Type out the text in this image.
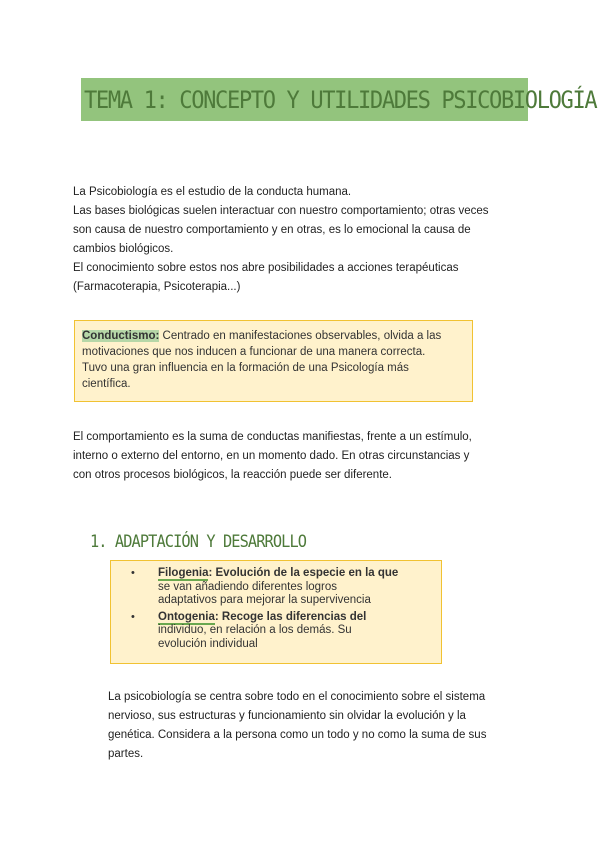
TEMA 1: CONCEPTO Y UTILIDADES PSICOBIOLOGÍA
La Psicobiología es el estudio de la conducta humana.
Las bases biológicas suelen interactuar con nuestro comportamiento; otras veces
son causa de nuestro comportamiento y en otras, es lo emocional la causa de
cambios biológicos.
El conocimiento sobre estos nos abre posibilidades a acciones terapéuticas
(Farmacoterapia, Psicoterapia...)
Conductismo: Centrado en manifestaciones observables, olvida a las
motivaciones que nos inducen a funcionar de una manera correcta.
Tuvo una gran influencia en la formación de una Psicología más
científica.
El comportamiento es la suma de conductas manifiestas, frente a un estímulo,
interno o externo del entorno, en un momento dado. En otras circunstancias y
con otros procesos biológicos, la reacción puede ser diferente.
1. ADAPTACIÓN Y DESARROLLO
• Filogenia: Evolución de la especie en la que
se van añadiendo diferentes logros
adaptativos para mejorar la supervivencia
• Ontogenia: Recoge las diferencias del
individuo, en relación a los demás. Su
evolución individual
La psicobiología se centra sobre todo en el conocimiento sobre el sistema
nervioso, sus estructuras y funcionamiento sin olvidar la evolución y la
genética. Considera a la persona como un todo y no como la suma de sus
partes.
